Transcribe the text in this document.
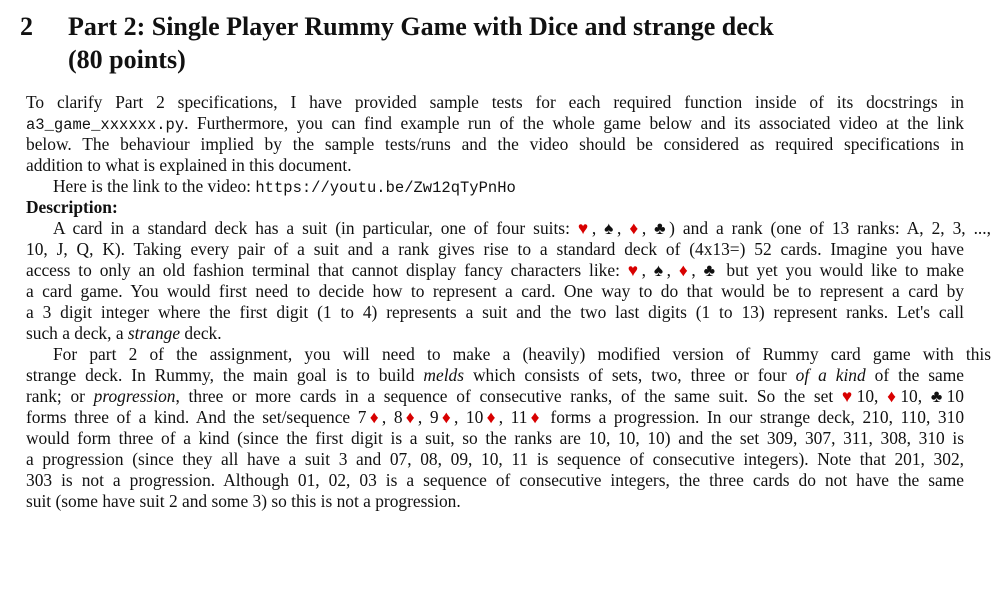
2	Part 2: Single Player Rummy Game with Dice and strange deck
(80 points)
To clarify Part 2 specifications, I have provided sample tests for each required function inside of its docstrings in
a3_game_xxxxxx.py. Furthermore, you can find example run of the whole game below and its associated video at the link
below. The behaviour implied by the sample tests/runs and the video should be considered as required specifications in
addition to what is explained in this document.
Here is the link to the video: https://youtu.be/Zw12qTyPnHo
Description:
A card in a standard deck has a suit (in particular, one of four suits: ♥, ♠, ♦, ♣) and a rank (one of 13 ranks: A, 2, 3, ...,
10, J, Q, K). Taking every pair of a suit and a rank gives rise to a standard deck of (4x13=) 52 cards. Imagine you have
access to only an old fashion terminal that cannot display fancy characters like: ♥, ♠, ♦, ♣ but yet you would like to make
a card game. You would first need to decide how to represent a card. One way to do that would be to represent a card by
a 3 digit integer where the first digit (1 to 4) represents a suit and the two last digits (1 to 13) represent ranks. Let's call
such a deck, a strange deck.
For part 2 of the assignment, you will need to make a (heavily) modified version of Rummy card game with this
strange deck. In Rummy, the main goal is to build melds which consists of sets, two, three or four of a kind of the same
rank; or progression, three or more cards in a sequence of consecutive ranks, of the same suit. So the set ♥10, ♦10, ♣10
forms three of a kind. And the set/sequence 7♦, 8♦, 9♦, 10♦, 11♦ forms a progression. In our strange deck, 210, 110, 310
would form three of a kind (since the first digit is a suit, so the ranks are 10, 10, 10) and the set 309, 307, 311, 308, 310 is
a progression (since they all have a suit 3 and 07, 08, 09, 10, 11 is sequence of consecutive integers). Note that 201, 302,
303 is not a progression. Although 01, 02, 03 is a sequence of consecutive integers, the three cards do not have the same
suit (some have suit 2 and some 3) so this is not a progression.
